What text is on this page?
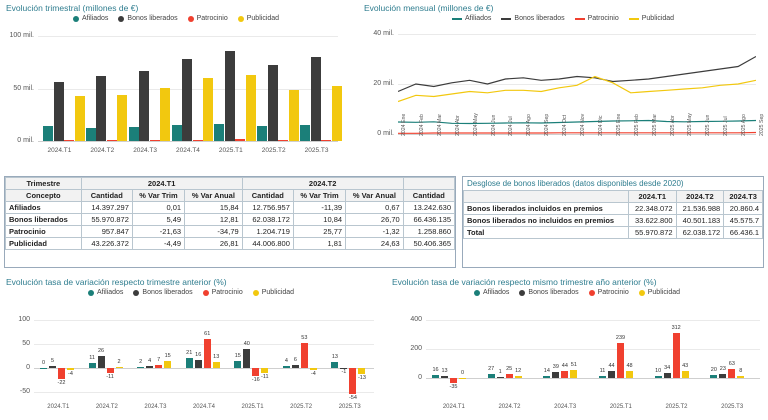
Evolución trimestral (millones de €)
Afiliados	Bonos liberados	Patrocinio	Publicidad
0 mil.
50 mil.
100 mil.
2024.T1	2024.T2	2024.T3	2024.T4	2025.T1	2025.T2	2025.T3
Evolución mensual (millones de €)
Afiliados	Bonos liberados	Patrocinio	Publicidad
0 mil.
20 mil.
40 mil.
2024 Ene 2024 Feb 2024 Mar 2024 Abr 2024 May 2024 Jun 2024 Jul 2024 Ago 2024 Sep 2024 Oct 2024 Nov 2024 Dic 2025 Ene 2025 Feb 2025 Mar 2025 Abr 2025 May 2025 Jun 2025 Jul 2025 Ago 2025 Sep
Trimestre	2024.T1			2024.T2			
Concepto	Cantidad	% Var Trim	% Var Anual	Cantidad	% Var Trim	% Var Anual	Cantidad
Afiliados	14.397.297	0,01	15,84	12.756.957	-11,39	0,67	13.242.630
Bonos liberados	55.970.872	5,49	12,81	62.038.172	10,84	26,70	66.436.135
Patrocinio	957.847	-21,63	-34,79	1.204.719	25,77	-1,32	1.258.860
Publicidad	43.226.372	-4,49	26,81	44.006.800	1,81	24,63	50.406.365
Desglose de bonos liberados (datos disponibles desde 2020)
	2024.T1	2024.T2	2024.T3
Bonos liberados incluidos en premios	22.348.072	21.536.988	20.860.4
Bonos liberados no incluidos en premios	33.622.800	40.501.183	45.575.7
Total	55.970.872	62.038.172	66.436.1
Evolución tasa de variación respecto trimestre anterior (%)
Afiliados	Bonos liberados	Patrocinio	Publicidad
-50
0
50
100
0	5
-22
-4
2024.T1
11
26
-11
2
2024.T2
2	4	7
15
2024.T3
21 16
61
13
2024.T4
15
40
-16 -11
2025.T1
4	6
53
-4
2025.T2
13
-1
-54
-13
2025.T3
Evolución tasa de variación respecto mismo trimestre año anterior (%)
Afiliados	Bonos liberados	Patrocinio	Publicidad
0
200
400
16 13
-35
0
2024.T1
27
1
25 12
2024.T2
14
39 44 51
2024.T3
11
44
239
48
2025.T1
10
34
312
43
2025.T2
20 23
63
8
2025.T3
